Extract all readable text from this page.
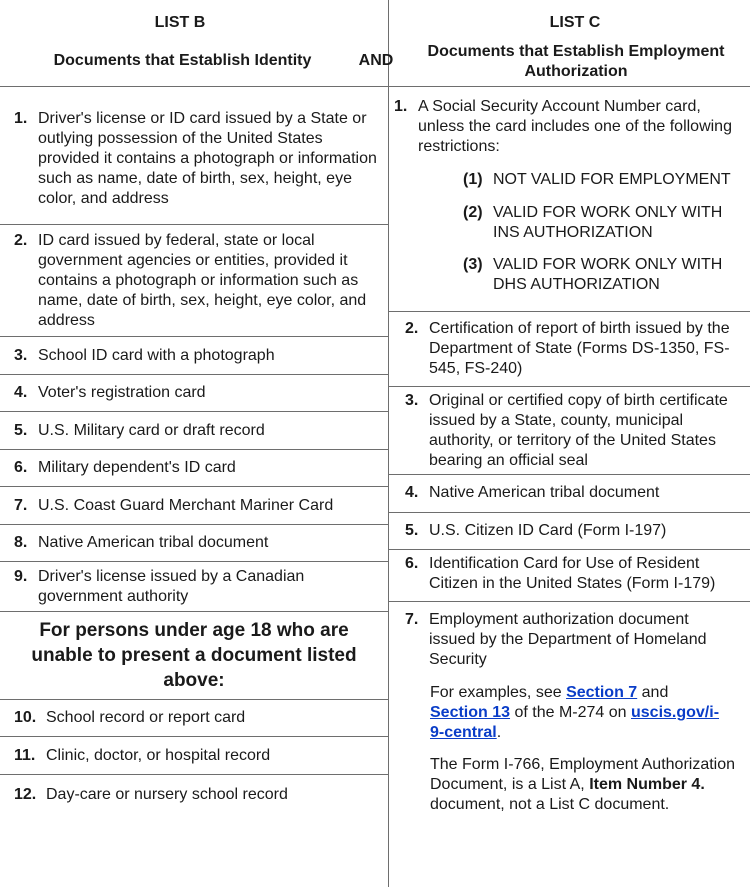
LIST B
Documents that Establish Identity	AND
LIST C
Documents that Establish Employment Authorization
1. Driver's license or ID card issued by a State or outlying possession of the United States provided it contains a photograph or information such as name, date of birth, sex, height, eye color, and address
2. ID card issued by federal, state or local government agencies or entities, provided it contains a photograph or information such as name, date of birth, sex, height, eye color, and address
3. School ID card with a photograph
4. Voter's registration card
5. U.S. Military card or draft record
6. Military dependent's ID card
7. U.S. Coast Guard Merchant Mariner Card
8. Native American tribal document
9. Driver's license issued by a Canadian government authority
For persons under age 18 who are unable to present a document listed above:
10. School record or report card
11. Clinic, doctor, or hospital record
12. Day-care or nursery school record
1. A Social Security Account Number card, unless the card includes one of the following restrictions:
(1) NOT VALID FOR EMPLOYMENT
(2) VALID FOR WORK ONLY WITH INS AUTHORIZATION
(3) VALID FOR WORK ONLY WITH DHS AUTHORIZATION
2. Certification of report of birth issued by the Department of State (Forms DS-1350, FS-545, FS-240)
3. Original or certified copy of birth certificate issued by a State, county, municipal authority, or territory of the United States bearing an official seal
4. Native American tribal document
5. U.S. Citizen ID Card (Form I-197)
6. Identification Card for Use of Resident Citizen in the United States (Form I-179)
7. Employment authorization document issued by the Department of Homeland Security
For examples, see Section 7 and Section 13 of the M-274 on uscis.gov/i-9-central.
The Form I-766, Employment Authorization Document, is a List A, Item Number 4. document, not a List C document.
